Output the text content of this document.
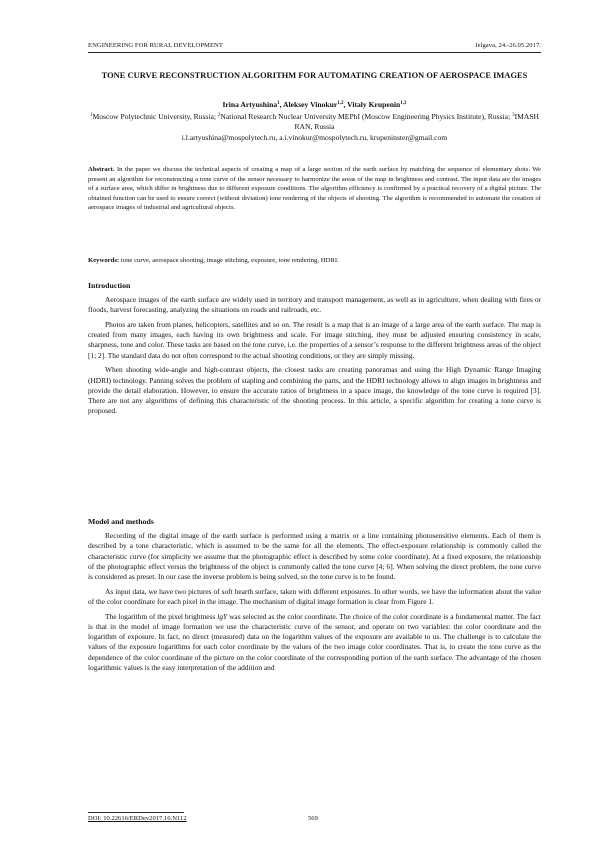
ENGINEERING FOR RURAL DEVELOPMENT	Jelgava, 24.-26.05.2017.
TONE CURVE RECONSTRUCTION ALGORITHM FOR AUTOMATING CREATION OF AEROSPACE IMAGES
Irina Artyushina$^1$, Aleksey Vinokur$^{1,2}$, Vitaly Krupenin$^{1,3}$
$^1$Moscow Polytechnic University, Russia; $^2$National Research Nuclear University MEPhI (Moscow Engineering Physics Institute), Russia; $^3$IMASH RAN, Russia
i.l.artyushina@mospolytech.ru, a.i.vinokur@mospolytech.ru, krupeninster@gmail.com
Abstract. In the paper we discuss the technical aspects of creating a map of a large section of the earth surface by matching the sequence of elementary shots. We present an algorithm for reconstructing a tone curve of the sensor necessary to harmonize the areas of the map in brightness and contrast. The input data are the images of a surface area, which differ in brightness due to different exposure conditions. The algorithm efficiency is confirmed by a practical recovery of a digital picture. The obtained function can be used to ensure correct (without diviation) tone rendering of the objects of shooting. The algorithm is recommended to automate the creation of aerospace images of industrial and agricultural objects.
Keywords: tone curve, aerospace shooting, image stitching, exposure, tone rendering, HDRI.
Introduction

Aerospace images of the earth surface are widely used in territory and transport management, as well as in agriculture, when dealing with fires or floods, harvest forecasting, analyzing the situations on roads and railroads, etc.

Photos are taken from planes, helicopters, satellites and so on. The result is a map that is an image of a large area of the earth surface. The map is created from many images, each having its own brightness and scale. For image stitching, they must be adjusted ensuring consistency in scale, sharpness, tone and color. These tasks are based on the tone curve, i.e. the properties of a sensor’s response to the different brightness areas of the object [1; 2]. The standard data do not often correspond to the actual shooting conditions, or they are simply missing.

When shooting wide-angle and high-contrast objects, the closest tasks are creating panoramas and using the High Dynamic Range Imaging (HDRI) technology. Panning solves the problem of stapling and combining the parts, and the HDRI technology allows to align images in brightness and provide the detail elaboration. However, to ensure the accurate ratios of brightness in a space image, the knowledge of the tone curve is required [3]. There are not any algorithms of defining this characteristic of the shooting process. In this article, a specific algorithm for creating a tone curve is proposed.

Model and methods

Recording of the digital image of the earth surface is performed using a matrix or a line containing photosensitive elements. Each of them is described by a tone characteristic, which is assumed to be the same for all the elements. The effect-exposure relationship is commonly called the characteristic curve (for simplicity we assume that the photographic effect is described by some color coordinate). At a fixed exposure, the relationship of the photographic effect versus the brightness of the object is commonly called the tone curve [4; 6]. When solving the direct problem, the tone curve is considered as preset. In our case the inverse problem is being solved, so the tone curve is to be found.

As input data, we have two pictures of soft hearth surface, taken with different exposures. In other words, we have the information about the value of the color coordinate for each pixel in the image. The mechanism of digital image formation is clear from Figure 1.

The logarithm of the pixel brightness lgY was selected as the color coordinate. The choice of the color coordinate is a fundamental matter. The fact is that in the model of image formation we use the characteristic curve of the sensor, and operate on two variables: the color coordinate and the logarithm of exposure. In fact, no direct (measured) data on the logarithm values of the exposure are available to us. The challenge is to calculate the values of the exposure logarithms for each color coordinate by the values of the two image color coordinates. That is, to create the tone curve as the dependence of the color coordinate of the picture on the color coordinate of the corresponding portion of the earth surface. The advantage of the chosen logarithmic values is the easy interpretation of the addition and

DOI: 10.22616/ERDev2017.16.N112	569
